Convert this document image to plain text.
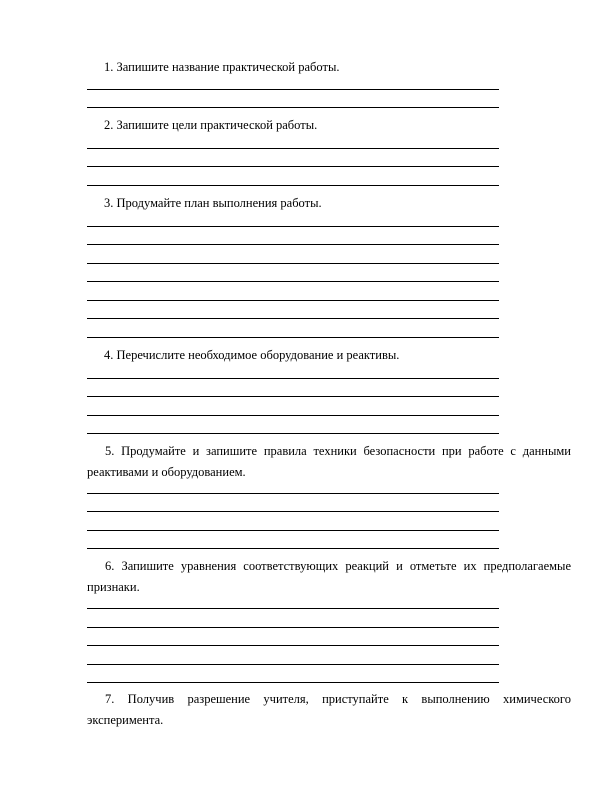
1. Запишите название практической работы.

2. Запишите цели практической работы.

3. Продумайте план выполнения работы.

4. Перечислите необходимое оборудование и реактивы.

5. Продумайте и запишите правила техники безопасности при работе с данными реактивами и оборудованием.

6. Запишите уравнения соответствующих реакций и отметьте их предполагаемые признаки.

7. Получив разрешение учителя, приступайте к выполнению химического эксперимента.
